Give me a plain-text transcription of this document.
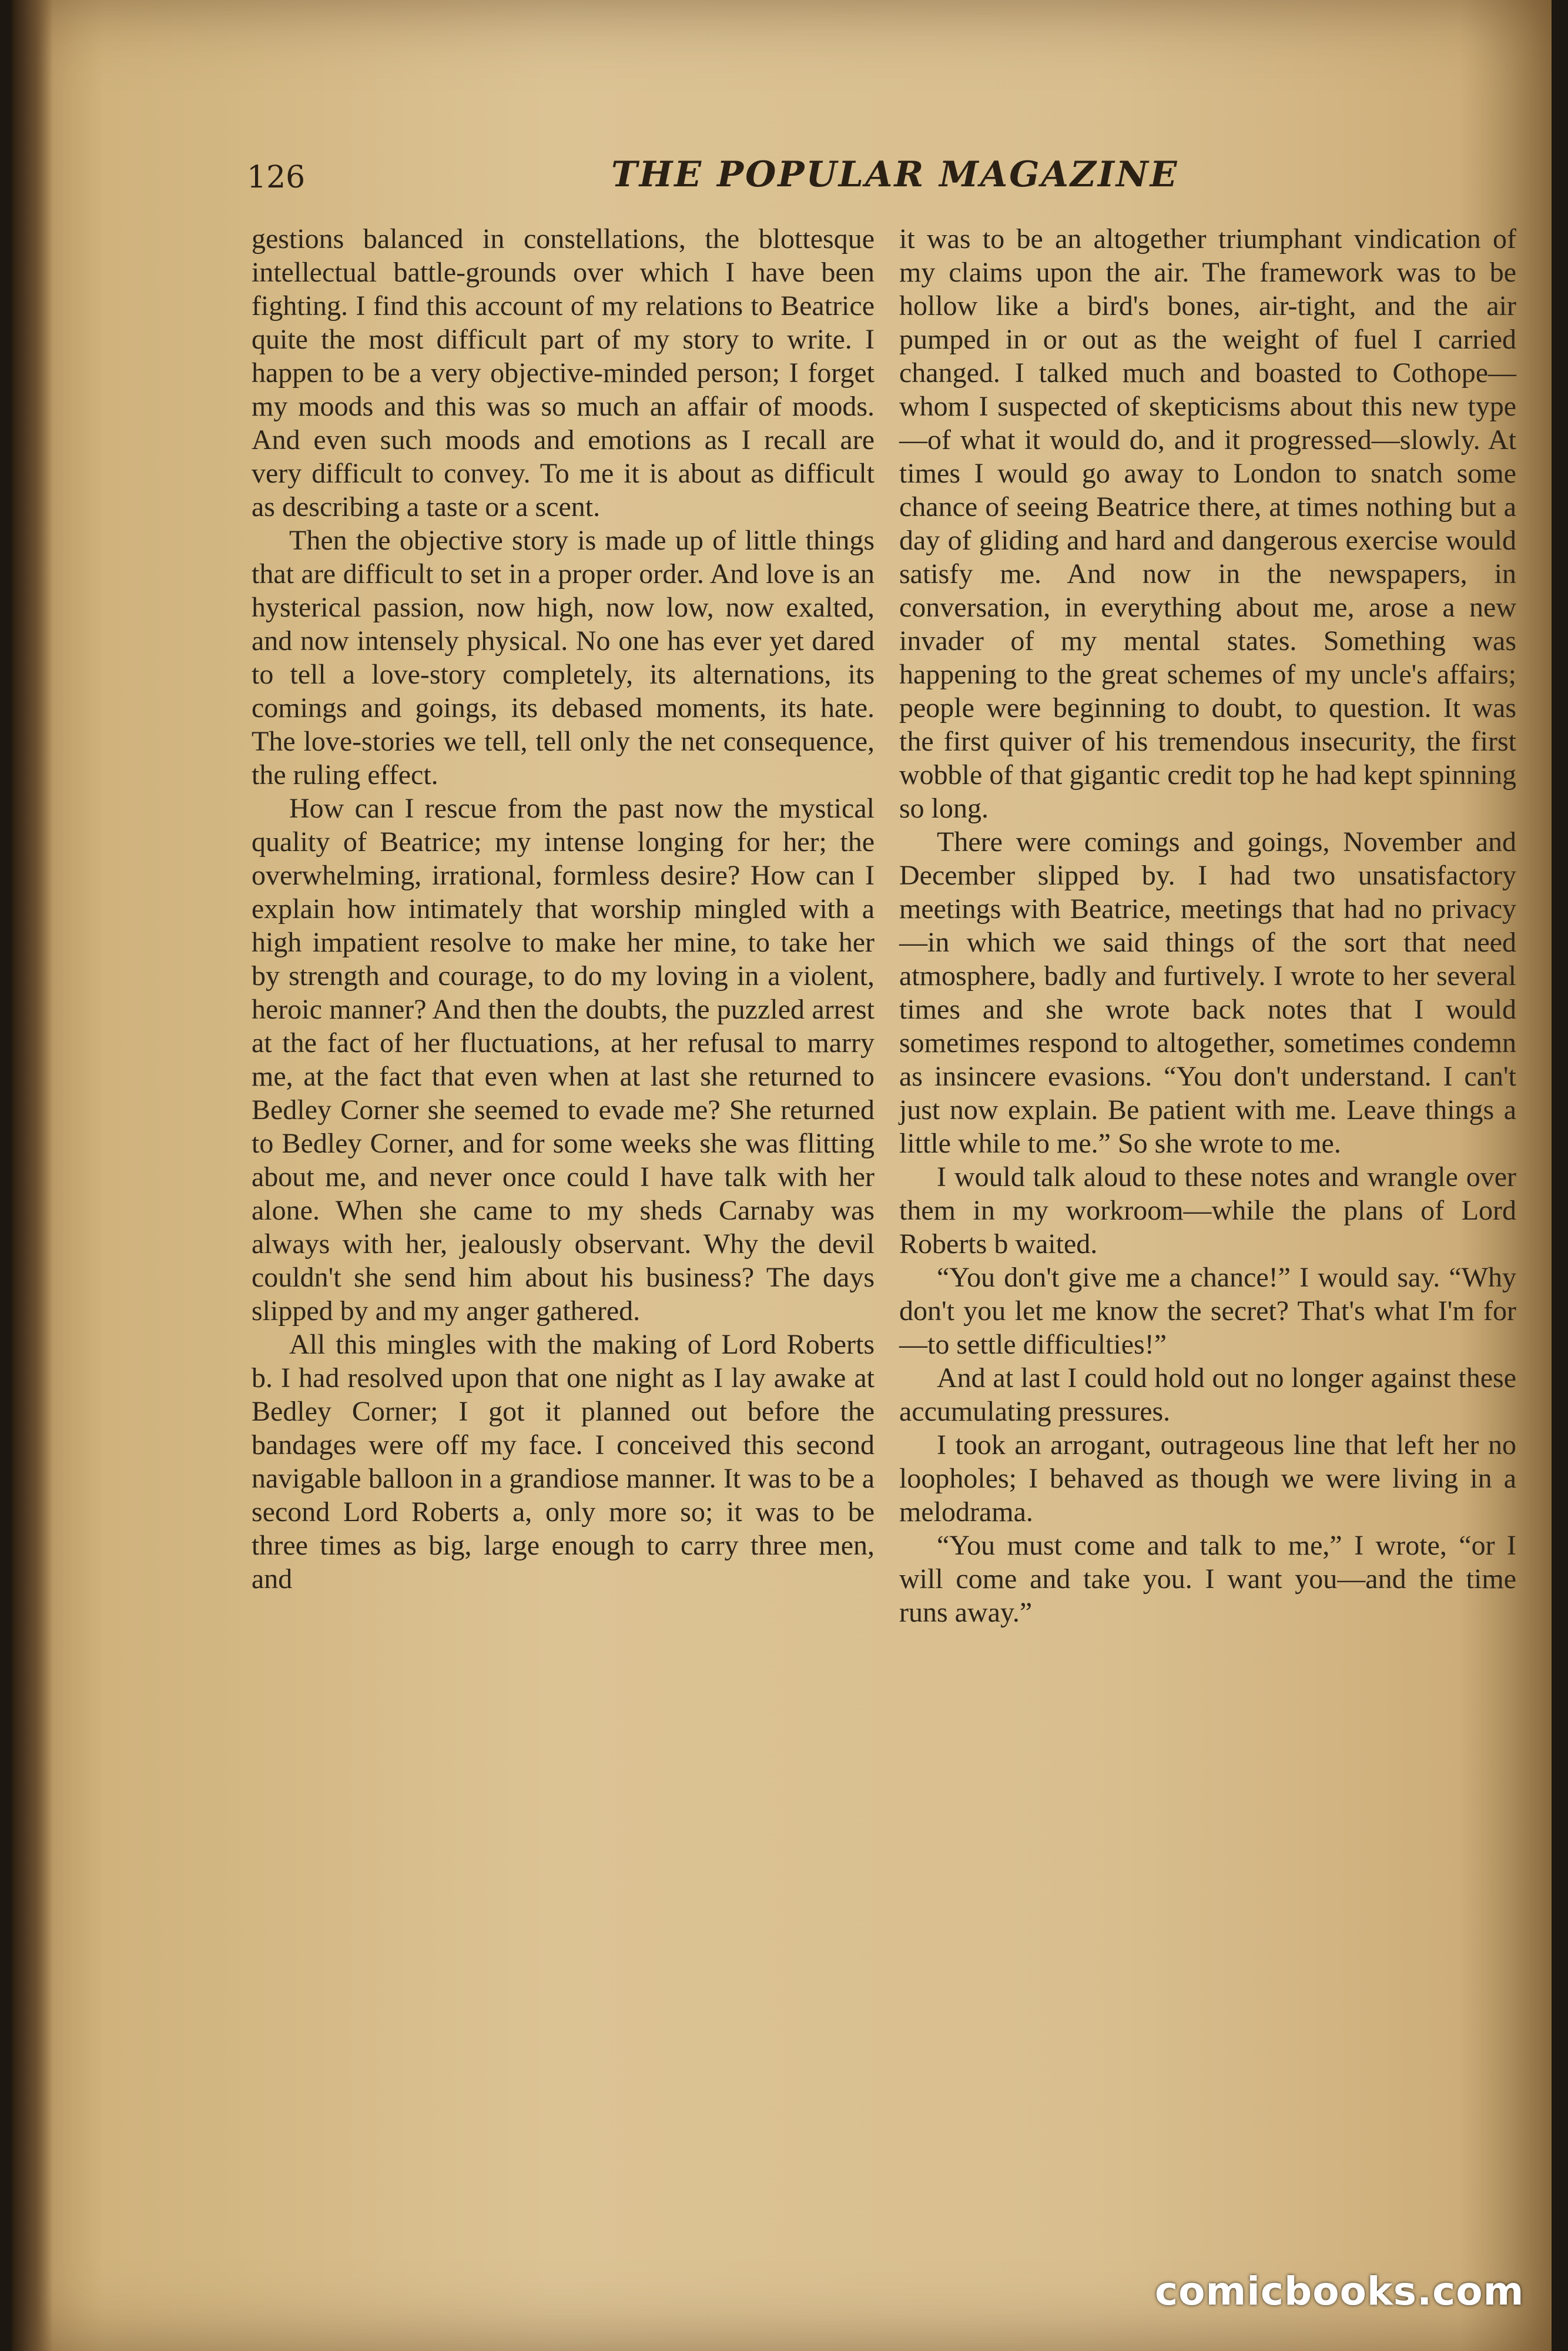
126	THE POPULAR MAGAZINE

gestions balanced in constellations, the blottesque intellectual battle-grounds over which I have been fighting. I find this account of my relations to Beatrice quite the most difficult part of my story to write. I happen to be a very objective-minded person; I forget my moods and this was so much an affair of moods. And even such moods and emotions as I recall are very difficult to convey. To me it is about as difficult as describing a taste or a scent.

Then the objective story is made up of little things that are difficult to set in a proper order. And love is an hysterical passion, now high, now low, now exalted, and now intensely physical. No one has ever yet dared to tell a love-story completely, its alternations, its comings and goings, its debased moments, its hate. The love-stories we tell, tell only the net consequence, the ruling effect.

How can I rescue from the past now the mystical quality of Beatrice; my intense longing for her; the overwhelming, irrational, formless desire? How can I explain how intimately that worship mingled with a high impatient resolve to make her mine, to take her by strength and courage, to do my loving in a violent, heroic manner? And then the doubts, the puzzled arrest at the fact of her fluctuations, at her refusal to marry me, at the fact that even when at last she returned to Bedley Corner she seemed to evade me? She returned to Bedley Corner, and for some weeks she was flitting about me, and never once could I have talk with her alone. When she came to my sheds Carnaby was always with her, jealously observant. Why the devil couldn't she send him about his business? The days slipped by and my anger gathered.

All this mingles with the making of Lord Roberts b. I had resolved upon that one night as I lay awake at Bedley Corner; I got it planned out before the bandages were off my face. I conceived this second navigable balloon in a grandiose manner. It was to be a second Lord Roberts a, only more so; it was to be three times as big, large enough to carry three men, and

it was to be an altogether triumphant vindication of my claims upon the air. The framework was to be hollow like a bird's bones, air-tight, and the air pumped in or out as the weight of fuel I carried changed. I talked much and boasted to Cothope—whom I suspected of skepticisms about this new type—of what it would do, and it progressed—slowly. At times I would go away to London to snatch some chance of seeing Beatrice there, at times nothing but a day of gliding and hard and dangerous exercise would satisfy me. And now in the newspapers, in conversation, in everything about me, arose a new invader of my mental states. Something was happening to the great schemes of my uncle's affairs; people were beginning to doubt, to question. It was the first quiver of his tremendous insecurity, the first wobble of that gigantic credit top he had kept spinning so long.

There were comings and goings, November and December slipped by. I had two unsatisfactory meetings with Beatrice, meetings that had no privacy—in which we said things of the sort that need atmosphere, badly and furtively. I wrote to her several times and she wrote back notes that I would sometimes respond to altogether, sometimes condemn as insincere evasions. “You don't understand. I can't just now explain. Be patient with me. Leave things a little while to me.” So she wrote to me.

I would talk aloud to these notes and wrangle over them in my workroom—while the plans of Lord Roberts b waited.

“You don't give me a chance!” I would say. “Why don't you let me know the secret? That's what I'm for—to settle difficulties!”

And at last I could hold out no longer against these accumulating pressures.

I took an arrogant, outrageous line that left her no loopholes; I behaved as though we were living in a melodrama.

“You must come and talk to me,” I wrote, “or I will come and take you. I want you—and the time runs away.”

comicbooks.com
